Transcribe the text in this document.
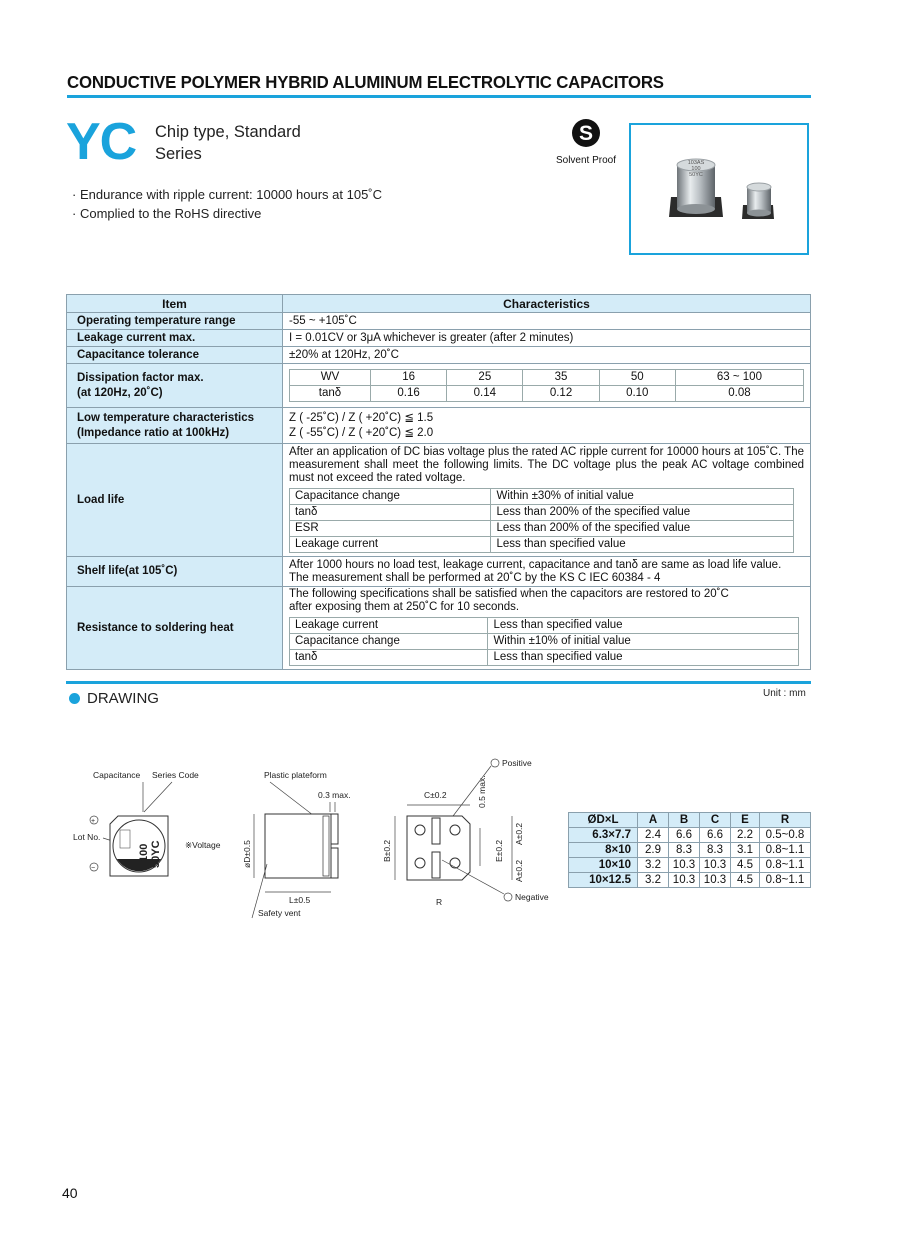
CONDUCTIVE POLYMER HYBRID ALUMINUM ELECTROLYTIC CAPACITORS
YC Chip type, Standard
Series
S
Solvent Proof	103AS
100
50YC
· Endurance with ripple current: 10000 hours at 105˚C
· Complied to the RoHS directive
Item	Characteristics
Operating temperature range	-55 ~ +105˚C
Leakage current max.	I = 0.01CV or 3μA whichever is greater (after 2 minutes)
Capacitance tolerance	±20% at 120Hz, 20˚C

Dissipation factor max.
(at 120Hz, 20˚C)

WV	16	25	35	50	63 ~ 100
tanδ	0.16	0.14	0.12	0.10	0.08

Low temperature characteristics
(Impedance ratio at 100kHz)

Z ( -25˚C) / Z ( +20˚C) ≦ 1.5
Z ( -55˚C) / Z ( +20˚C) ≦ 2.0

Load life	
After an application of DC bias voltage plus the rated AC ripple current for 10000 hours at 105˚C. The measurement shall meet the following limits. The DC voltage plus the peak AC voltage combined must not exceed the rated voltage.
Capacitance change	Within ±30% of initial value
tanδ	Less than 200% of the specified value
ESR	Less than 200% of the specified value
Leakage current	Less than specified value

Shelf life(at 105˚C)	
After 1000 hours no load test, leakage current, capacitance and tanδ are same as load life value.
The measurement shall be performed at 20˚C by the KS C IEC 60384 - 4

Resistance to soldering heat	
The following specifications shall be satisfied when the capacitors are restored to 20˚C
after exposing them at 250˚C for 10 seconds.
Leakage current	Less than specified value
Capacitance change	Within ±10% of initial value
tanδ	Less than specified value
DRAWING	Unit : mm
Capacitance Series Code
+
−
Lot No.
100 50YC	※Voltage
Plastic plateform
0.3 max.
øD±0.5
L±0.5
Safety vent
Positive
C±0.2	0.5 max.
B±0.2	E±0.2
A±0.2
A±0.2
R	Negative
ØD×L	A	B	C	E	R
6.3×7.7	2.4	6.6	6.6	2.2	0.5~0.8
8×10	2.9	8.3	8.3	3.1	0.8~1.1
10×10	3.2	10.3	10.3	4.5	0.8~1.1
10×12.5	3.2	10.3	10.3	4.5	0.8~1.1
40
